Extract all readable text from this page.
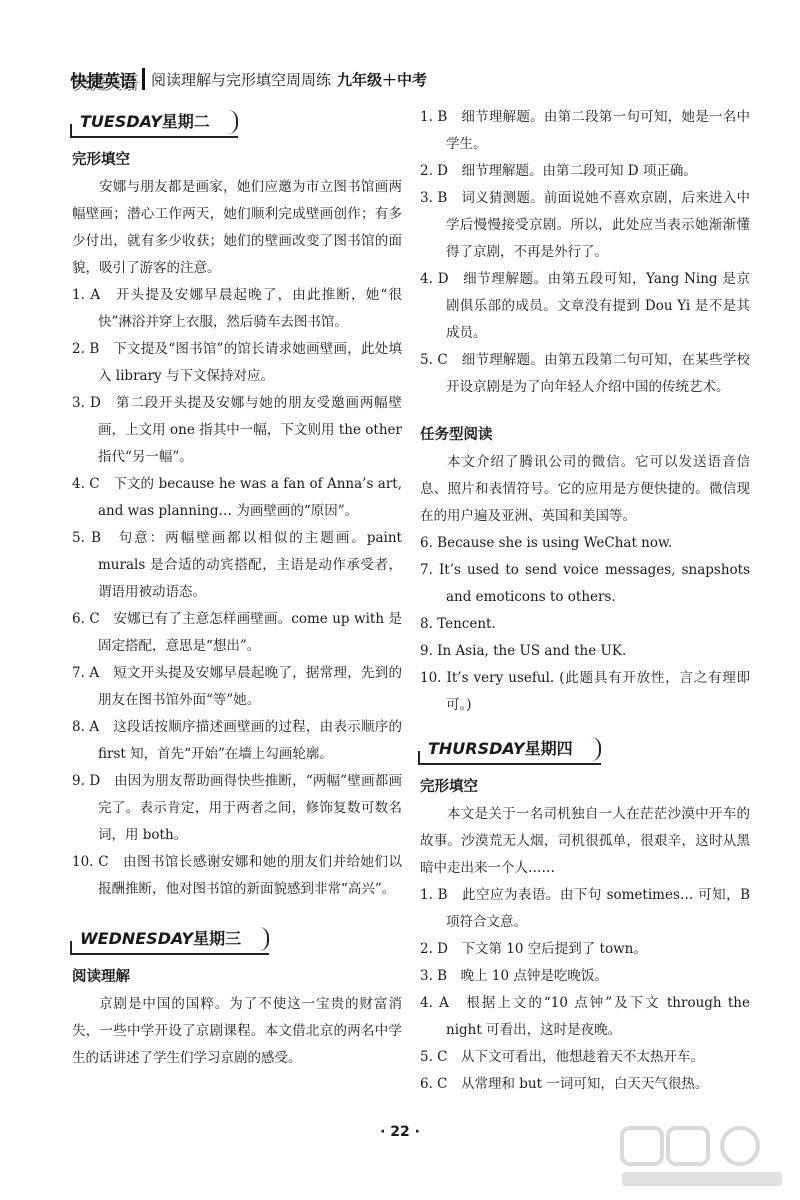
快捷英语 阅读理解与完形填空周周练 九年级＋中考
TUESDAY星期二
完形填空
安娜与朋友都是画家，她们应邀为市立图书馆画两幅壁画；潜心工作两天，她们顺利完成壁画创作；有多少付出，就有多少收获；她们的壁画改变了图书馆的面貌，吸引了游客的注意。
1. A　开头提及安娜早晨起晚了，由此推断，她“很快”淋浴并穿上衣服，然后骑车去图书馆。
2. B　下文提及“图书馆”的馆长请求她画壁画，此处填入 library 与下文保持对应。
3. D　第二段开头提及安娜与她的朋友受邀画两幅壁画，上文用 one 指其中一幅，下文则用 the other 指代“另一幅”。
4. C　下文的 because he was a fan of Anna’s art, and was planning… 为画壁画的“原因”。
5. B　句意：两幅壁画都以相似的主题画。paint murals 是合适的动宾搭配，主语是动作承受者，谓语用被动语态。
6. C　安娜已有了主意怎样画壁画。come up with 是固定搭配，意思是“想出”。
7. A　短文开头提及安娜早晨起晚了，据常理，先到的朋友在图书馆外面“等”她。
8. A　这段话按顺序描述画壁画的过程，由表示顺序的 first 知，首先“开始”在墙上勾画轮廓。
9. D　由因为朋友帮助画得快些推断，“两幅”壁画都画完了。表示肯定，用于两者之间，修饰复数可数名词，用 both。
10. C　由图书馆长感谢安娜和她的朋友们并给她们以报酬推断，他对图书馆的新面貌感到非常“高兴”。
WEDNESDAY星期三
阅读理解
京剧是中国的国粹。为了不使这一宝贵的财富消失，一些中学开设了京剧课程。本文借北京的两名中学生的话讲述了学生们学习京剧的感受。
1. B　细节理解题。由第二段第一句可知，她是一名中学生。
2. D　细节理解题。由第二段可知 D 项正确。
3. B　词义猜测题。前面说她不喜欢京剧，后来进入中学后慢慢接受京剧。所以，此处应当表示她渐渐懂得了京剧，不再是外行了。
4. D　细节理解题。由第五段可知，Yang Ning 是京剧俱乐部的成员。文章没有提到 Dou Yi 是不是其成员。
5. C　细节理解题。由第五段第二句可知，在某些学校开设京剧是为了向年轻人介绍中国的传统艺术。
任务型阅读
本文介绍了腾讯公司的微信。它可以发送语音信息、照片和表情符号。它的应用是方便快捷的。微信现在的用户遍及亚洲、英国和美国等。
6. Because she is using WeChat now.
7. It’s used to send voice messages, snapshots and emoticons to others.
8. Tencent.
9. In Asia, the US and the UK.
10. It’s very useful. (此题具有开放性，言之有理即可。)
THURSDAY星期四
完形填空
本文是关于一名司机独自一人在茫茫沙漠中开车的故事。沙漠荒无人烟，司机很孤单，很艰辛，这时从黑暗中走出来一个人……
1. B　此空应为表语。由下句 sometimes… 可知，B 项符合文意。
2. D　下文第 10 空后提到了 town。
3. B　晚上 10 点钟是吃晚饭。
4. A　根据上文的“10 点钟”及下文 through the night 可看出，这时是夜晚。
5. C　从下文可看出，他想趁着天不太热开车。
6. C　从常理和 but 一词可知，白天天气很热。
· 22 ·
